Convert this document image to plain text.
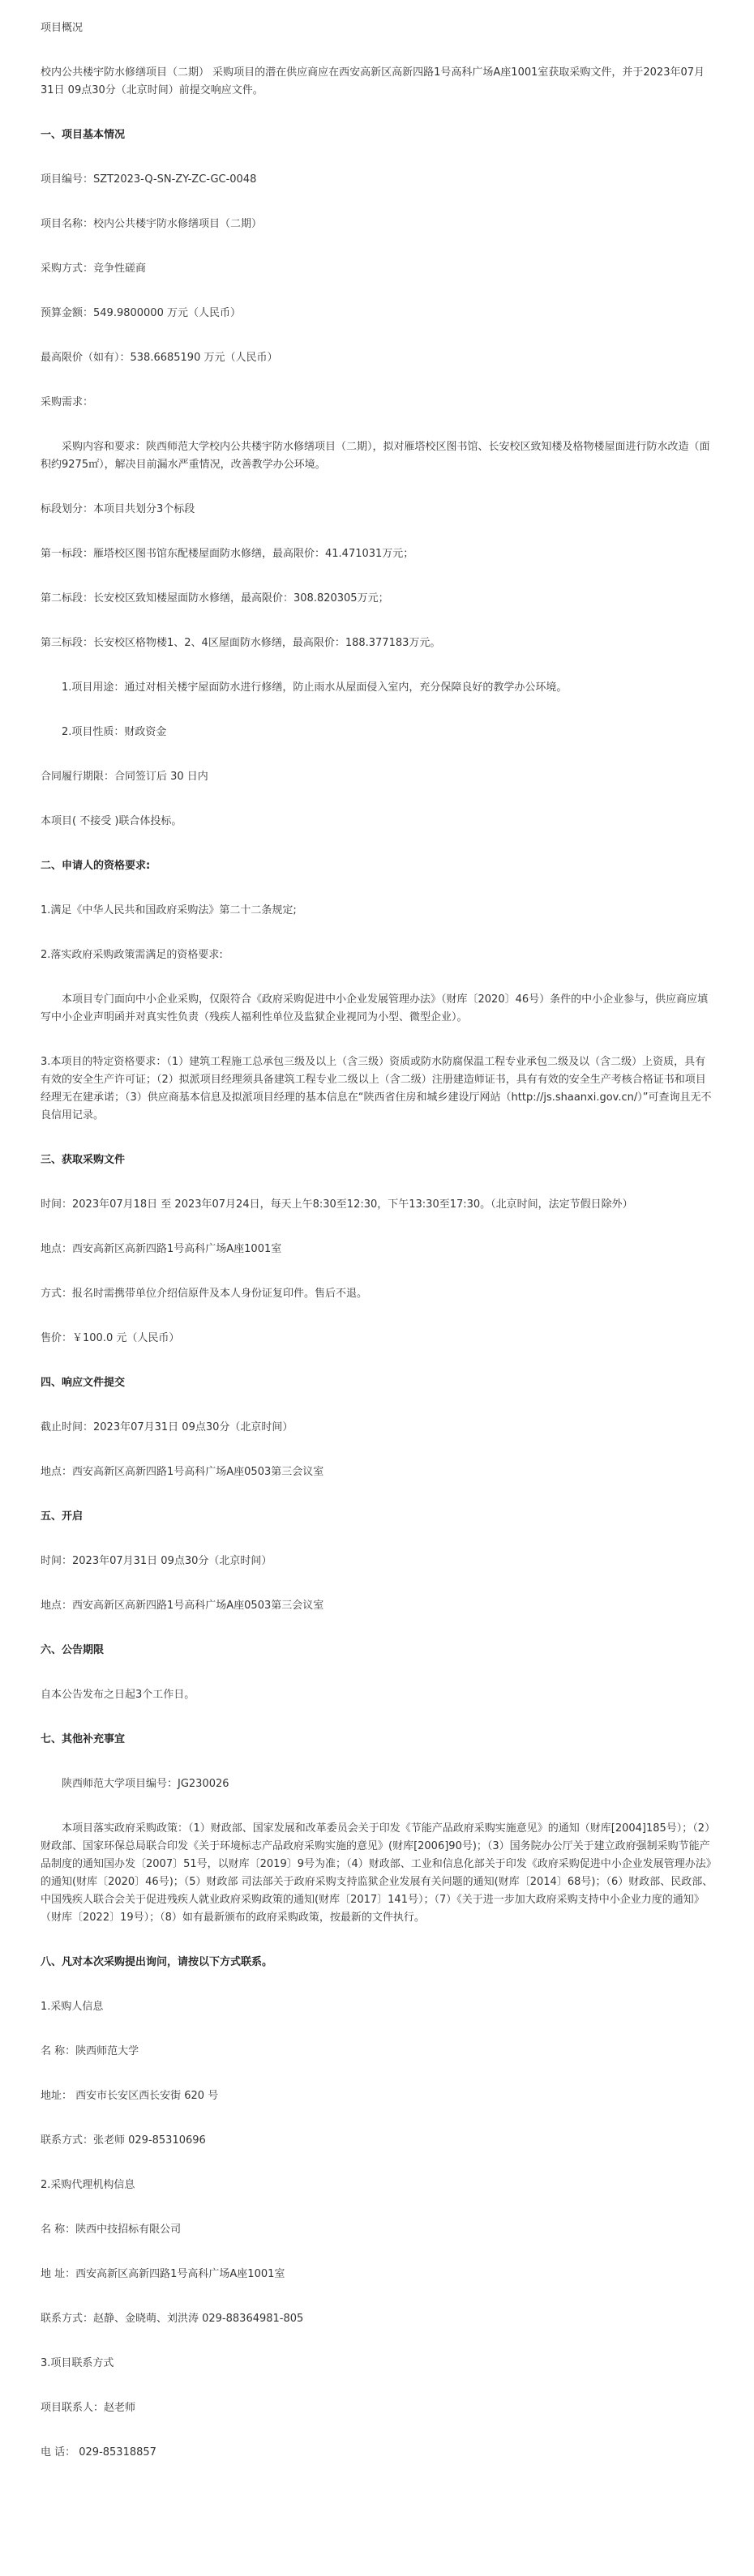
项目概况

校内公共楼宇防水修缮项目（二期） 采购项目的潜在供应商应在西安高新区高新四路1号高科广场A座1001室获取采购文件，并于2023年07月31日 09点30分（北京时间）前提交响应文件。

一、项目基本情况

项目编号：SZT2023-Q-SN-ZY-ZC-GC-0048

项目名称：校内公共楼宇防水修缮项目（二期）

采购方式：竞争性磋商

预算金额：549.9800000 万元（人民币）

最高限价（如有）：538.6685190 万元（人民币）

采购需求：

采购内容和要求：陕西师范大学校内公共楼宇防水修缮项目（二期），拟对雁塔校区图书馆、长安校区致知楼及格物楼屋面进行防水改造（面积约9275㎡），解决目前漏水严重情况，改善教学办公环境。

标段划分：本项目共划分3个标段

第一标段：雁塔校区图书馆东配楼屋面防水修缮，最高限价：41.471031万元；

第二标段：长安校区致知楼屋面防水修缮，最高限价：308.820305万元；

第三标段：长安校区格物楼1、2、4区屋面防水修缮，最高限价：188.377183万元。

1.项目用途：通过对相关楼宇屋面防水进行修缮，防止雨水从屋面侵入室内，充分保障良好的教学办公环境。

2.项目性质：财政资金

合同履行期限：合同签订后 30 日内

本项目( 不接受 )联合体投标。

二、申请人的资格要求:

1.满足《中华人民共和国政府采购法》第二十二条规定;

2.落实政府采购政策需满足的资格要求:

本项目专门面向中小企业采购，仅限符合《政府采购促进中小企业发展管理办法》（财库〔2020〕46号）条件的中小企业参与，供应商应填写中小企业声明函并对真实性负责（残疾人福利性单位及监狱企业视同为小型、微型企业）。

3.本项目的特定资格要求：（1）建筑工程施工总承包三级及以上（含三级）资质或防水防腐保温工程专业承包二级及以（含二级）上资质，具有有效的安全生产许可证；（2）拟派项目经理须具备建筑工程专业二级以上（含二级）注册建造师证书，具有有效的安全生产考核合格证书和项目经理无在建承诺；（3）供应商基本信息及拟派项目经理的基本信息在“陕西省住房和城乡建设厅网站（http://js.shaanxi.gov.cn/）”可查询且无不良信用记录。

三、获取采购文件

时间：2023年07月18日 至 2023年07月24日，每天上午8:30至12:30，下午13:30至17:30。（北京时间，法定节假日除外）

地点：西安高新区高新四路1号高科广场A座1001室

方式：报名时需携带单位介绍信原件及本人身份证复印件。售后不退。

售价：￥100.0 元（人民币）

四、响应文件提交

截止时间：2023年07月31日 09点30分（北京时间）

地点：西安高新区高新四路1号高科广场A座0503第三会议室

五、开启

时间：2023年07月31日 09点30分（北京时间）

地点：西安高新区高新四路1号高科广场A座0503第三会议室

六、公告期限

自本公告发布之日起3个工作日。

七、其他补充事宜

陕西师范大学项目编号：JG230026

本项目落实政府采购政策：（1）财政部、国家发展和改革委员会关于印发《节能产品政府采购实施意见》的通知（财库[2004]185号）；（2）财政部、国家环保总局联合印发《关于环境标志产品政府采购实施的意见》(财库[2006]90号)；（3）国务院办公厅关于建立政府强制采购节能产品制度的通知国办发〔2007〕51号，以财库〔2019〕9号为准；（4）财政部、工业和信息化部关于印发《政府采购促进中小企业发展管理办法》的通知(财库〔2020〕46号)；（5）财政部 司法部关于政府采购支持监狱企业发展有关问题的通知(财库〔2014〕68号)；（6）财政部、民政部、中国残疾人联合会关于促进残疾人就业政府采购政策的通知(财库〔2017〕141号）；（7）《关于进一步加大政府采购支持中小企业力度的通知》（财库〔2022〕19号）；（8）如有最新颁布的政府采购政策，按最新的文件执行。

八、凡对本次采购提出询问，请按以下方式联系。

1.采购人信息

名 称：陕西师范大学

地址： 西安市长安区西长安街 620 号

联系方式：张老师 029-85310696

2.采购代理机构信息

名 称：陕西中技招标有限公司

地 址：西安高新区高新四路1号高科广场A座1001室

联系方式：赵静、金晓萌、刘洪涛 029-88364981-805

3.项目联系方式

项目联系人：赵老师

电 话： 029-85318857
